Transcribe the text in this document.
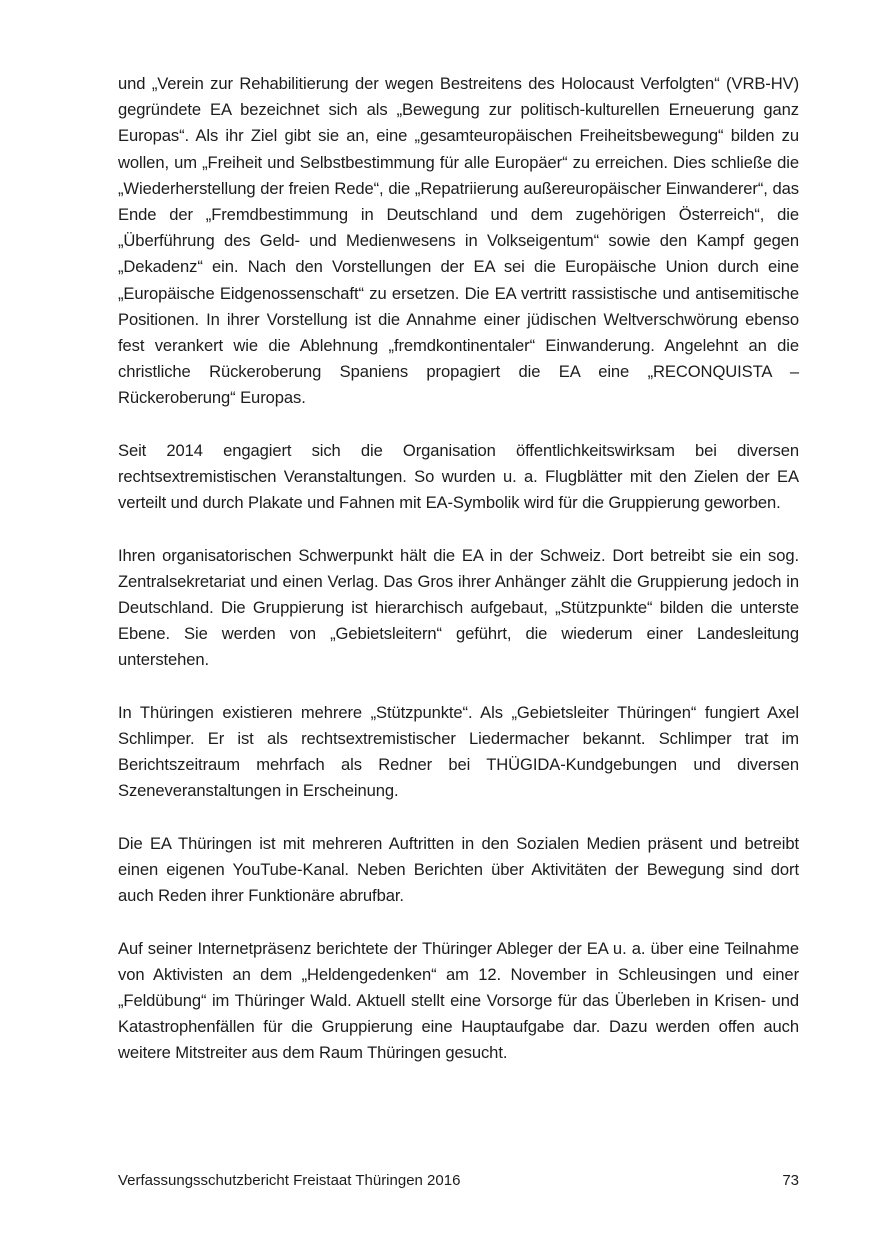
und „Verein zur Rehabilitierung der wegen Bestreitens des Holocaust Verfolgten“ (VRB-HV) gegründete EA bezeichnet sich als „Bewegung zur politisch-kulturellen Erneuerung ganz Europas“. Als ihr Ziel gibt sie an, eine „gesamteuropäischen Freiheitsbewegung“ bilden zu wollen, um „Freiheit und Selbstbestimmung für alle Europäer“ zu erreichen. Dies schließe die „Wiederherstellung der freien Rede“, die „Repatriierung außereuropäischer Einwanderer“, das Ende der „Fremdbestimmung in Deutschland und dem zugehörigen Österreich“, die „Überführung des Geld- und Medienwesens in Volkseigentum“ sowie den Kampf gegen „Dekadenz“ ein. Nach den Vorstellungen der EA sei die Europäische Union durch eine „Europäische Eidgenossenschaft“ zu ersetzen. Die EA vertritt rassistische und antisemitische Positionen. In ihrer Vorstellung ist die Annahme einer jüdischen Weltverschwörung ebenso fest verankert wie die Ablehnung „fremdkontinentaler“ Einwanderung. Angelehnt an die christliche Rückeroberung Spaniens propagiert die EA eine „RECONQUISTA – Rückeroberung“ Europas.

Seit 2014 engagiert sich die Organisation öffentlichkeitswirksam bei diversen rechtsextremistischen Veranstaltungen. So wurden u. a. Flugblätter mit den Zielen der EA verteilt und durch Plakate und Fahnen mit EA-Symbolik wird für die Gruppierung geworben.

Ihren organisatorischen Schwerpunkt hält die EA in der Schweiz. Dort betreibt sie ein sog. Zentralsekretariat und einen Verlag. Das Gros ihrer Anhänger zählt die Gruppierung jedoch in Deutschland. Die Gruppierung ist hierarchisch aufgebaut, „Stützpunkte“ bilden die unterste Ebene. Sie werden von „Gebietsleitern“ geführt, die wiederum einer Landesleitung unterstehen.

In Thüringen existieren mehrere „Stützpunkte“. Als „Gebietsleiter Thüringen“ fungiert Axel Schlimper. Er ist als rechtsextremistischer Liedermacher bekannt. Schlimper trat im Berichtszeitraum mehrfach als Redner bei THÜGIDA-Kundgebungen und diversen Szeneveranstaltungen in Erscheinung.

Die EA Thüringen ist mit mehreren Auftritten in den Sozialen Medien präsent und betreibt einen eigenen YouTube-Kanal. Neben Berichten über Aktivitäten der Bewegung sind dort auch Reden ihrer Funktionäre abrufbar.

Auf seiner Internetpräsenz berichtete der Thüringer Ableger der EA u. a. über eine Teilnahme von Aktivisten an dem „Heldengedenken“ am 12. November in Schleusingen und einer „Feldübung“ im Thüringer Wald. Aktuell stellt eine Vorsorge für das Überleben in Krisen- und Katastrophenfällen für die Gruppierung eine Hauptaufgabe dar. Dazu werden offen auch weitere Mitstreiter aus dem Raum Thüringen gesucht.

Verfassungsschutzbericht Freistaat Thüringen 2016	73
